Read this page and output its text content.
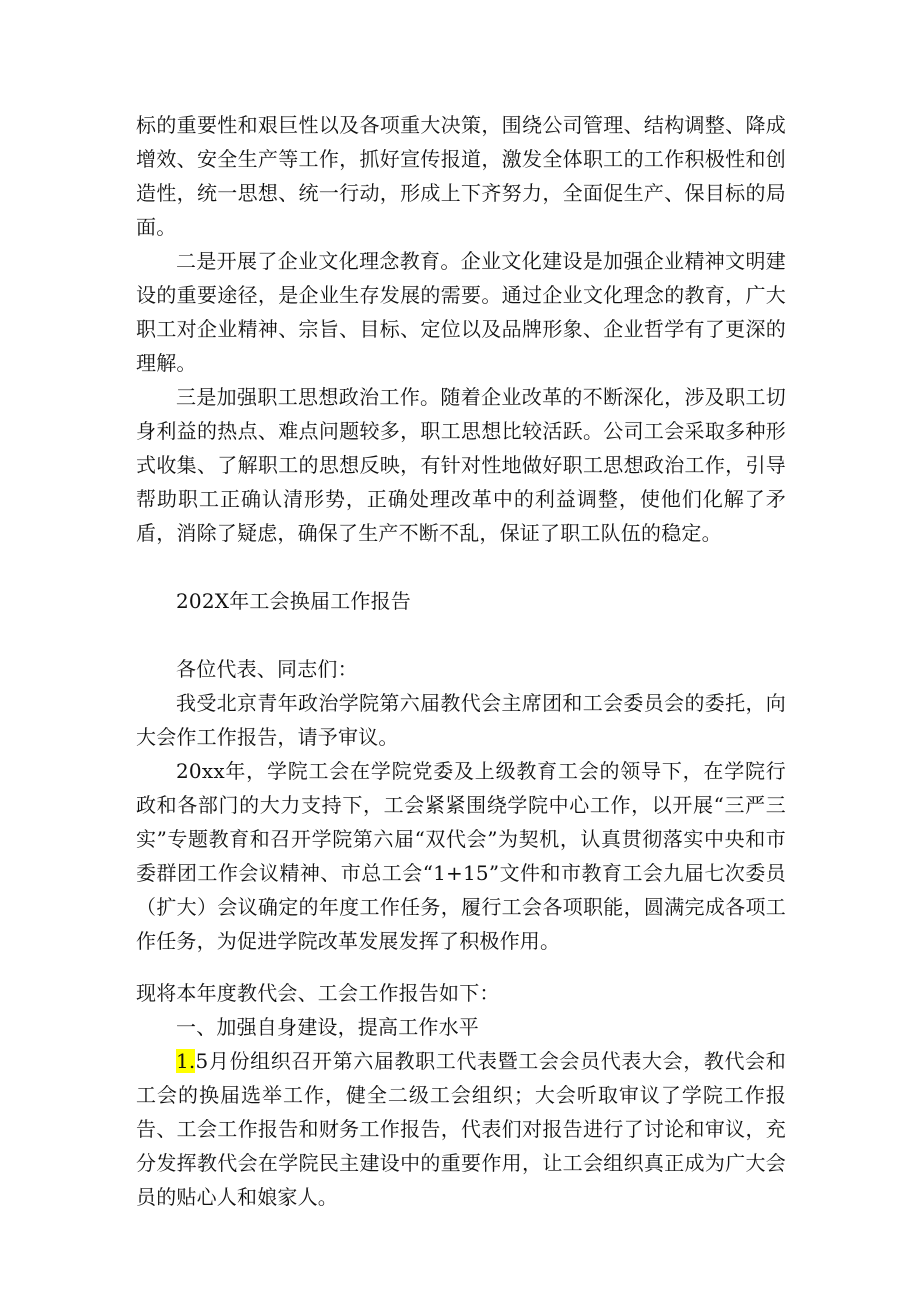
标的重要性和艰巨性以及各项重大决策，围绕公司管理、结构调整、降成增效、安全生产等工作，抓好宣传报道，激发全体职工的工作积极性和创造性，统一思想、统一行动，形成上下齐努力，全面促生产、保目标的局面。

二是开展了企业文化理念教育。企业文化建设是加强企业精神文明建设的重要途径，是企业生存发展的需要。通过企业文化理念的教育，广大职工对企业精神、宗旨、目标、定位以及品牌形象、企业哲学有了更深的理解。

三是加强职工思想政治工作。随着企业改革的不断深化，涉及职工切身利益的热点、难点问题较多，职工思想比较活跃。公司工会采取多种形式收集、了解职工的思想反映，有针对性地做好职工思想政治工作，引导帮助职工正确认清形势，正确处理改革中的利益调整，使他们化解了矛盾，消除了疑虑，确保了生产不断不乱，保证了职工队伍的稳定。

202X年工会换届工作报告

各位代表、同志们：

我受北京青年政治学院第六届教代会主席团和工会委员会的委托，向大会作工作报告，请予审议。

20xx年，学院工会在学院党委及上级教育工会的领导下，在学院行政和各部门的大力支持下，工会紧紧围绕学院中心工作，以开展“三严三实”专题教育和召开学院第六届“双代会”为契机，认真贯彻落实中央和市委群团工作会议精神、市总工会“1+15”文件和市教育工会九届七次委员（扩大）会议确定的年度工作任务，履行工会各项职能，圆满完成各项工作任务，为促进学院改革发展发挥了积极作用。

现将本年度教代会、工会工作报告如下：

一、加强自身建设，提高工作水平

1.5月份组织召开第六届教职工代表暨工会会员代表大会，教代会和工会的换届选举工作，健全二级工会组织；大会听取审议了学院工作报告、工会工作报告和财务工作报告，代表们对报告进行了讨论和审议，充分发挥教代会在学院民主建设中的重要作用，让工会组织真正成为广大会员的贴心人和娘家人。
